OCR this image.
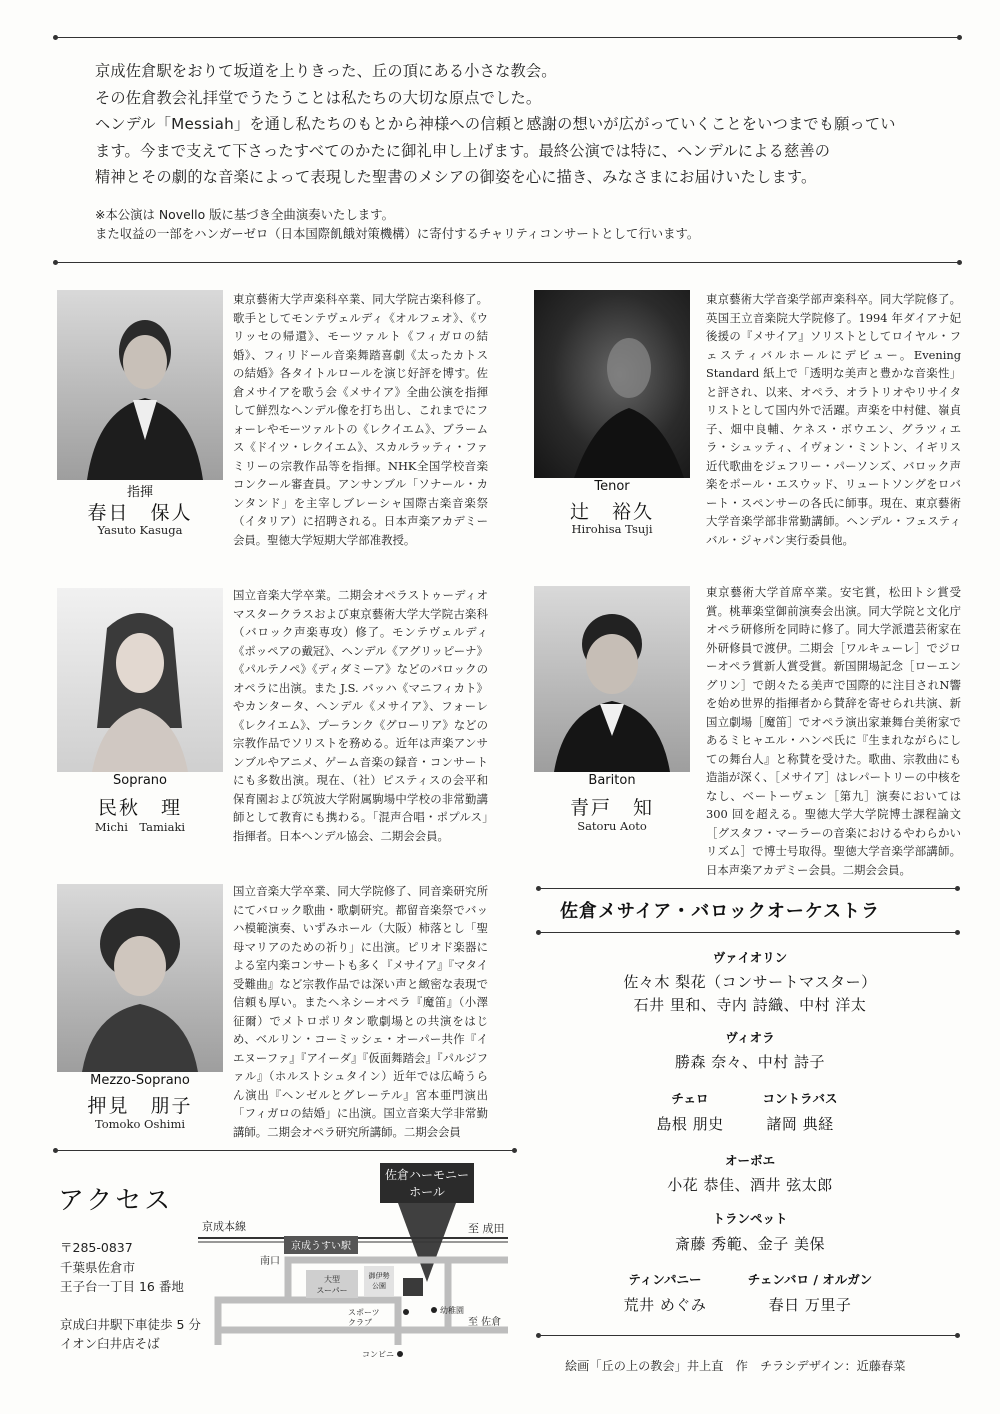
京成佐倉駅をおりて坂道を上りきった、丘の頂にある小さな教会。

その佐倉教会礼拝堂でうたうことは私たちの大切な原点でした。

ヘンデル「Messiah」を通し私たちのもとから神様への信頼と感謝の想いが広がっていくことをいつまでも願ってい

ます。今まで支えて下さったすべてのかたに御礼申し上げます。最終公演では特に、ヘンデルによる慈善の

精神とその劇的な音楽によって表現した聖書のメシアの御姿を心に描き、みなさまにお届けいたします。

※本公演は Novello 版に基づき全曲演奏いたします。

また収益の一部をハンガーゼロ（日本国際飢餓対策機構）に寄付するチャリティコンサートとして行います。

指揮
春日　保人
Yasuto Kasuga
東京藝術大学声楽科卒業、同大学院古楽科修了。歌手としてモンテヴェルディ《オルフェオ》、《ウリッセの帰還》、モーツァルト《フィガロの結婚》、フィリドール音楽舞踏喜劇《太ったカトスの結婚》各タイトルロールを演じ好評を博す。佐倉メサイアを歌う会《メサイア》全曲公演を指揮して鮮烈なヘンデル像を打ち出し、これまでにフォーレやモーツァルトの《レクイエム》、ブラームス《ドイツ・レクイエム》、スカルラッティ・ファミリーの宗教作品等を指揮。NHK全国学校音楽コンクール審査員。アンサンブル「ソナール・カンタンド」を主宰しブレーシャ国際古楽音楽祭（イタリア）に招聘される。日本声楽アカデミー会員。聖徳大学短期大学部准教授。
Tenor
辻　裕久
Hirohisa Tsuji
東京藝術大学音楽学部声楽科卒。同大学院修了。英国王立音楽院大学院修了。1994 年ダイアナ妃後援の『メサイア』ソリストとしてロイヤル・フェスティバルホールにデビュー。Evening Standard 紙上で「透明な美声と豊かな音楽性」と評され、以来、オペラ、オラトリオやリサイタリストとして国内外で活躍。声楽を中村健、嶺貞子、畑中良輔、ケネス・ボウエン、グラツィエラ・シュッティ、イヴォン・ミントン、イギリス近代歌曲をジェフリー・パーソンズ、バロック声楽をポール・エスウッド、リュートソングをロバート・スペンサーの各氏に師事。現在、東京藝術大学音楽学部非常勤講師。ヘンデル・フェスティバル・ジャパン実行委員他。
Soprano
民秋　理
Michi　Tamiaki
国立音楽大学卒業。二期会オペラストゥーディオマスタークラスおよび東京藝術大学大学院古楽科（バロック声楽専攻）修了。モンテヴェルディ《ポッペアの戴冠》、ヘンデル《アグリッピーナ》《パルテノペ》《ディダミーア》などのバロックのオペラに出演。また J.S. バッハ《マニフィカト》やカンタータ、ヘンデル《メサイア》、フォーレ《レクイエム》、プーランク《グローリア》などの宗教作品でソリストを務める。近年は声楽アンサンブルやアニメ、ゲーム音楽の録音・コンサートにも多数出演。現在、（社）ピスティスの会平和保育園および筑波大学附属駒場中学校の非常勤講師として教育にも携わる。「混声合唱・ポプルス」指揮者。日本ヘンデル協会、二期会会員。
Bariton
青戸　知
Satoru Aoto
東京藝術大学首席卒業。安宅賞，松田トシ賞受賞。桃華楽堂御前演奏会出演。同大学院と文化庁オペラ研修所を同時に修了。同大学派遣芸術家在外研修員で渡伊。二期会［ワルキューレ］でジローオペラ賞新人賞受賞。新国開場記念［ローエングリン］で朗々たる美声で国際的に注目されN響を始め世界的指揮者から賛辞を寄せられ共演、新国立劇場［魔笛］でオペラ演出家兼舞台美術家であるミヒャエル・ハンペ氏に『生まれながらにしての舞台人』と称賛を受けた。歌曲、宗教曲にも造詣が深く、［メサイア］はレパートリーの中核をなし、ベートーヴェン［第九］演奏においては 300 回を超える。聖徳大学大学院博士課程論文［グスタフ・マーラーの音楽におけるやわらかいリズム］で博士号取得。聖徳大学音楽学部講師。日本声楽アカデミー会員。二期会会員。
Mezzo-Soprano
押見　朋子
Tomoko Oshimi
国立音楽大学卒業、同大学院修了、同音楽研究所にてバロック歌曲・歌劇研究。都留音楽祭でバッハ模範演奏、いずみホール（大阪）柿落とし「聖母マリアのための祈り」に出演。ピリオド楽器による室内楽コンサートも多く『メサイア』『マタイ受難曲』など宗教作品では深い声と緻密な表現で信頼も厚い。またヘネシーオペラ『魔笛』（小澤征爾）でメトロポリタン歌劇場との共演をはじめ、ベルリン・コーミッシェ・オーパー共作『イエヌーファ』『アイーダ』『仮面舞踏会』『パルジファル』（ホルストシュタイン）近年では広崎うらん演出『ヘンゼルとグレーテル』宮本亜門演出「フィガロの結婚」に出演。国立音楽大学非常勤講師。二期会オペラ研究所講師。二期会会員
佐倉メサイア・バロックオーケストラ
ヴァイオリン
佐々木 梨花（コンサートマスター）
石井 里和、寺内 詩織、中村 洋太
ヴィオラ
勝森 奈々、中村 詩子
チェロ	コントラバス
島根 朋史	諸岡 典経
オーボエ
小花 恭佳、酒井 弦太郎
トランペット
斎藤 秀範、金子 美保
ティンパニー	チェンバロ / オルガン
荒井 めぐみ	春日 万里子
アクセス
〒285-0837
千葉県佐倉市
王子台一丁目 16 番地
京成臼井駅下車徒歩 5 分
イオン臼井店そば
佐倉ハーモニー
ホール
京成本線	至 成田
京成うすい駅
南口
大型
スーパー
御伊勢
公園
スポーツ
クラブ
幼稚園
至 佐倉
コンビニ
絵画「丘の上の教会」井上直　作　チラシデザイン：近藤春菜
